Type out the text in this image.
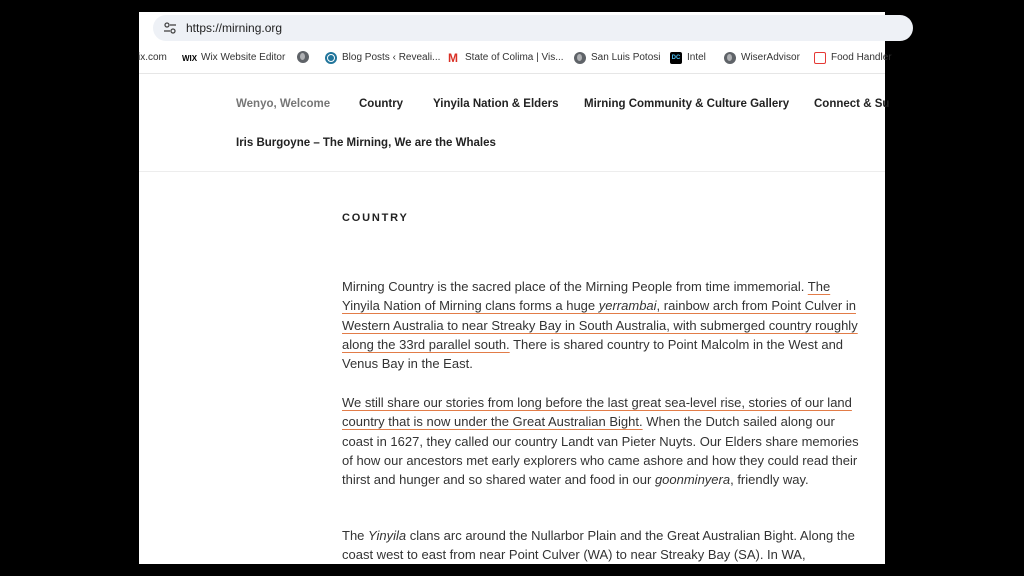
https://mirning.org
ix.com WIX Wix Website Editor	Blog Posts ‹ Reveali... M State of Colima | Vis...	San Luis Potosi DC Intel	WiserAdvisor	Food Handler
Wenyo, Welcome	Country	Yinyila Nation & Elders Mirning Community & Culture Gallery Connect & Su
Iris Burgoyne – The Mirning, We are the Whales
COUNTRY

Mirning Country is the sacred place of the Mirning People from time immemorial. The Yinyila Nation of Mirning clans forms a huge yerrambai, rainbow arch from Point Culver in Western Australia to near Streaky Bay in South Australia, with submerged country roughly along the 33rd parallel south. There is shared country to Point Malcolm in the West and Venus Bay in the East.

We still share our stories from long before the last great sea-level rise, stories of our land country that is now under the Great Australian Bight. When the Dutch sailed along our coast in 1627, they called our country Landt van Pieter Nuyts. Our Elders share memories of how our ancestors met early explorers who came ashore and how they could read their thirst and hunger and so shared water and food in our goonminyera, friendly way.

The Yinyila clans arc around the Nullarbor Plain and the Great Australian Bight. Along the coast west to east from near Point Culver (WA) to near Streaky Bay (SA). In WA,
